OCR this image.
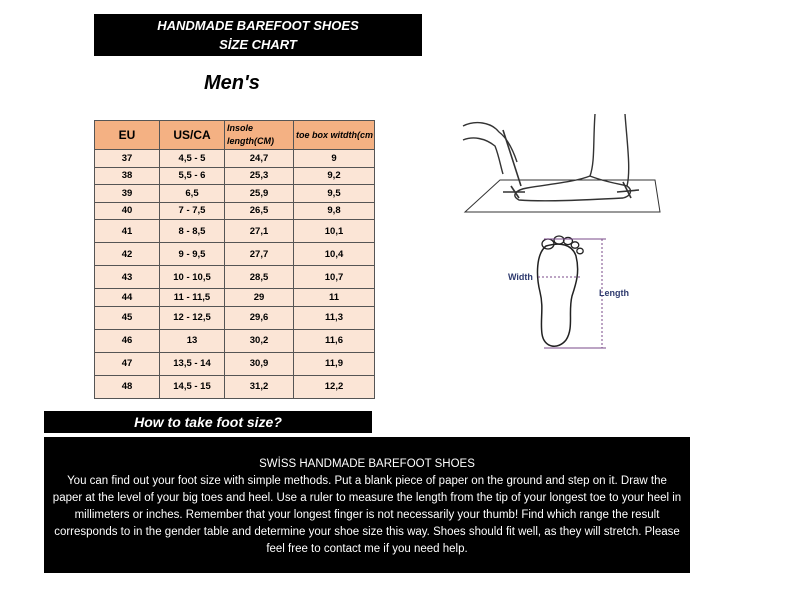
HANDMADE BAREFOOT SHOES
SİZE CHART
Men's
EU	US/CA	Insole length(CM)	toe box witdth(cm
37	4,5 - 5	24,7	9
38	5,5 - 6	25,3	9,2
39	6,5	25,9	9,5
40	7 - 7,5	26,5	9,8
41	8 - 8,5	27,1	10,1
42	9 - 9,5	27,7	10,4
43	10 - 10,5	28,5	10,7
44	11 - 11,5	29	11
45	12 - 12,5	29,6	11,3
46	13	30,2	11,6
47	13,5 - 14	30,9	11,9
48	14,5 - 15	31,2	12,2
Width
Length
How to take foot size?

SWİSS HANDMADE BAREFOOT SHOES

You can find out your foot size with simple methods. Put a blank piece of paper on the ground and step on it. Draw the paper at the level of your big toes and heel. Use a ruler to measure the length from the tip of your longest toe to your heel in millimeters or inches. Remember that your longest finger is not necessarily your thumb! Find which range the result corresponds to in the gender table and determine your shoe size this way. Shoes should fit well, as they will stretch. Please feel free to contact me if you need help.
